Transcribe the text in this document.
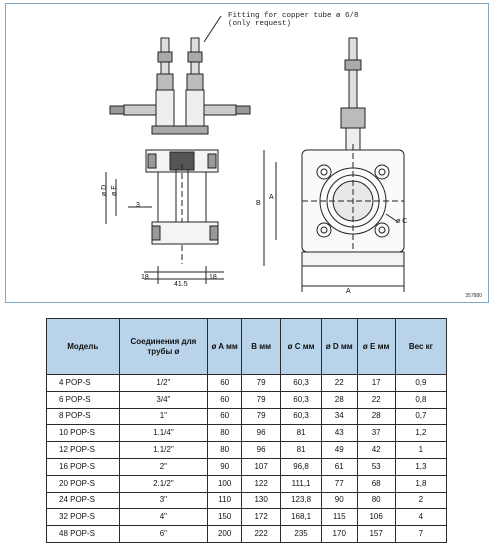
Fitting for copper tube ø 6/8
(only request)
ø D ø E
3
18	18
41.5
B
A
A
ø C
357880
Модель	Соединения для трубы ø	ø A мм	B мм	ø C мм	ø D мм	ø E мм	Вес кг
4 POP-S	1/2"	60	79	60,3	22	17	0,9
6 POP-S	3/4"	60	79	60,3	28	22	0,8
8 POP-S	1"	60	79	60,3	34	28	0,7
10 POP-S	1.1/4"	80	96	81	43	37	1,2
12 POP-S	1.1/2"	80	96	81	49	42	1
16 POP-S	2"	90	107	96,8	61	53	1,3
20 POP-S	2.1/2"	100	122	111,1	77	68	1,8
24 POP-S	3"	110	130	123,8	90	80	2
32 POP-S	4"	150	172	168,1	115	106	4
48 POP-S	6"	200	222	235	170	157	7
